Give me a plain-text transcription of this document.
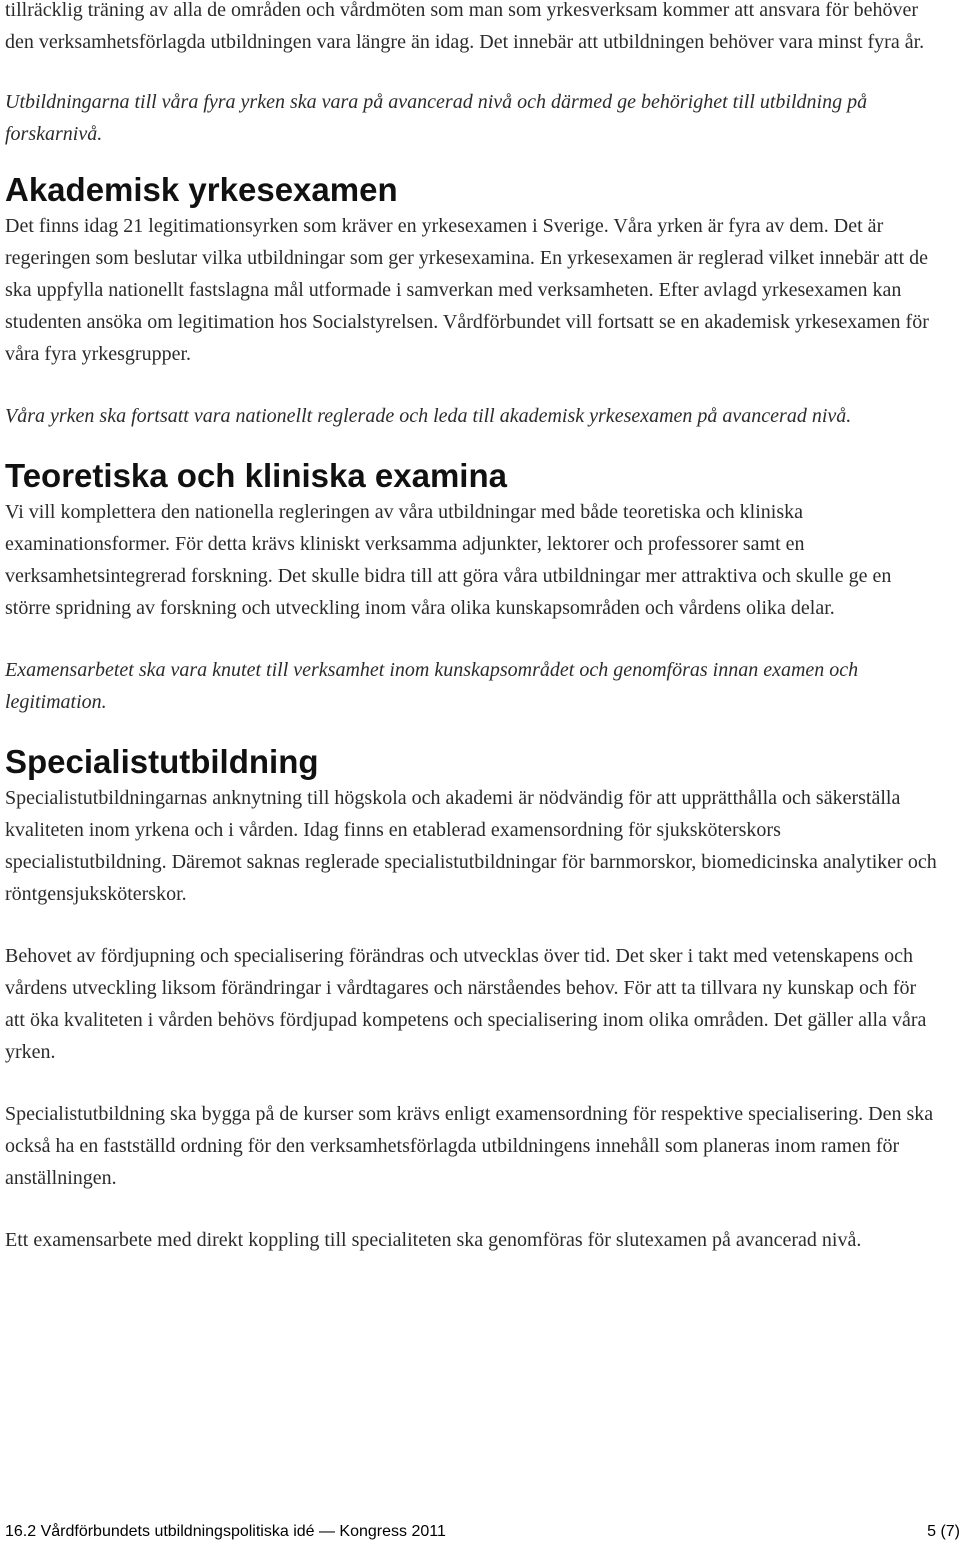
tillräcklig träning av alla de områden och vårdmöten som man som yrkesverksam kommer att ansvara för behöver den verksamhetsförlagda utbildningen vara längre än idag. Det innebär att utbildningen behöver vara minst fyra år.

Utbildningarna till våra fyra yrken ska vara på avancerad nivå och därmed ge behörighet till utbildning på forskarnivå.

Akademisk yrkesexamen

Det finns idag 21 legitimationsyrken som kräver en yrkesexamen i Sverige. Våra yrken är fyra av dem. Det är regeringen som beslutar vilka utbildningar som ger yrkesexamina. En yrkesexamen är reglerad vilket innebär att de ska uppfylla nationellt fastslagna mål utformade i samverkan med verksamheten. Efter avlagd yrkesexamen kan studenten ansöka om legitimation hos Socialstyrelsen. Vårdförbundet vill fortsatt se en akademisk yrkesexamen för våra fyra yrkesgrupper.

Våra yrken ska fortsatt vara nationellt reglerade och leda till akademisk yrkesexamen på avancerad nivå.

Teoretiska och kliniska examina

Vi vill komplettera den nationella regleringen av våra utbildningar med både teoretiska och kliniska examinationsformer. För detta krävs kliniskt verksamma adjunkter, lektorer och professorer samt en verksamhetsintegrerad forskning. Det skulle bidra till att göra våra utbildningar mer attraktiva och skulle ge en större spridning av forskning och utveckling inom våra olika kunskapsområden och vårdens olika delar.

Examensarbetet ska vara knutet till verksamhet inom kunskapsområdet och genomföras innan examen och legitimation.

Specialistutbildning

Specialistutbildningarnas anknytning till högskola och akademi är nödvändig för att upprätthålla och säkerställa kvaliteten inom yrkena och i vården. Idag finns en etablerad examensordning för sjuksköterskors specialistutbildning. Däremot saknas reglerade specialistutbildningar för barnmorskor, biomedicinska analytiker och röntgensjuksköterskor.

Behovet av fördjupning och specialisering förändras och utvecklas över tid. Det sker i takt med vetenskapens och vårdens utveckling liksom förändringar i vårdtagares och närståendes behov. För att ta tillvara ny kunskap och för att öka kvaliteten i vården behövs fördjupad kompetens och specialisering inom olika områden. Det gäller alla våra yrken.

Specialistutbildning ska bygga på de kurser som krävs enligt examensordning för respektive specialisering. Den ska också ha en fastställd ordning för den verksamhetsförlagda utbildningens innehåll som planeras inom ramen för anställningen.

Ett examensarbete med direkt koppling till specialiteten ska genomföras för slutexamen på avancerad nivå.

16.2 Vårdförbundets utbildningspolitiska idé — Kongress 2011	5 (7)
